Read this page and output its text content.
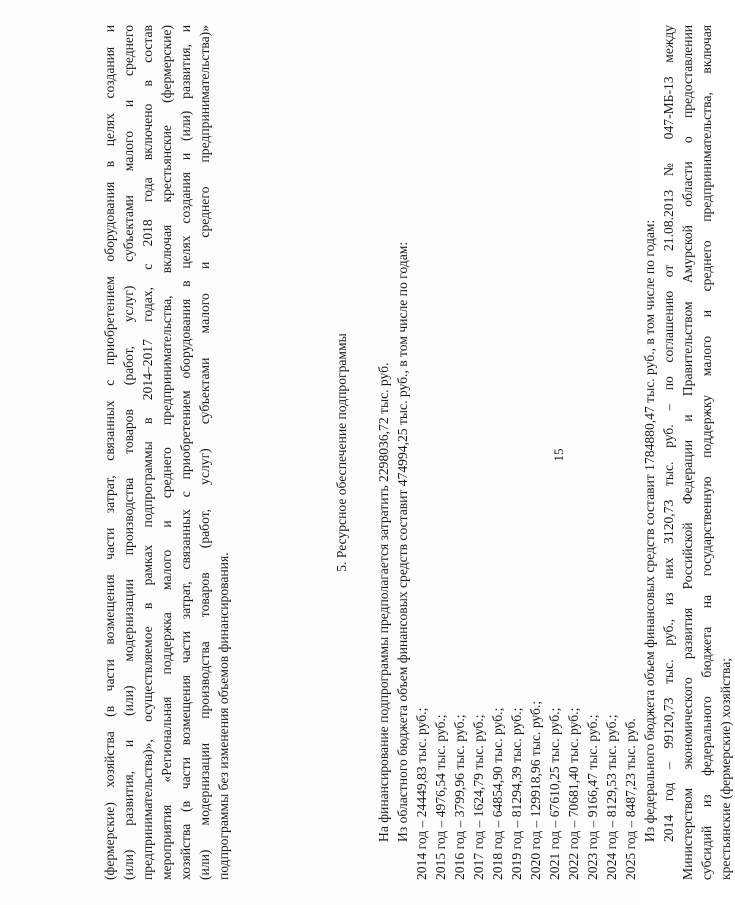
(фермерские) хозяйства (в части возмещения части затрат, связанных с приобретением оборудования в целях создания и (или) развития, и (или) модернизации производства товаров (работ, услуг) субъектами малого и среднего предпринимательства)», осуществляемое в рамках подпрограммы в 2014–2017 годах, с 2018 года включено в состав мероприятия «Региональная поддержка малого и среднего предпринимательства, включая крестьянские (фермерские) хозяйства (в части возмещения части затрат, связанных с приобретением оборудования в целях создания и (или) развития, и (или) модернизации производства товаров (работ, услуг) субъектами малого и среднего предпринимательства)» подпрограммы без изменения объемов финансирования.
15
5. Ресурсное обеспечение подпрограммы На финансирование подпрограммы предполагается затратить 2298036,72 тыс. руб. Из областного бюджета объем финансовых средств составит 474994,25 тыс. руб., в том числе по годам: 2014 год – 24449,83 тыс. руб.; 2015 год – 4976,54 тыс. руб.; 2016 год – 3799,96 тыс. руб.; 2017 год – 1624,79 тыс. руб.; 2018 год – 64854,90 тыс. руб.; 2019 год – 81294,39 тыс. руб.; 2020 год – 129918,96 тыс. руб.; 2021 год – 67610,25 тыс. руб.; 2022 год – 70681,40 тыс. руб.; 2023 год – 9166,47 тыс. руб.; 2024 год – 8129,53 тыс. руб.; 2025 год – 8487,23 тыс. руб. Из федерального бюджета объем финансовых средств составит 1784880,47 тыс. руб., в том числе по годам: 2014 год – 99120,73 тыс. руб., из них 3120,73 тыс. руб. – по соглашению от 21.08.2013 № 047-МБ-13 между Министерством экономического развития Российской Федерации и Правительством Амурской области о предоставлении субсидий из федерального бюджета на государственную поддержку малого и среднего предпринимательства, включая крестьянские (фермерские) хозяйства;
